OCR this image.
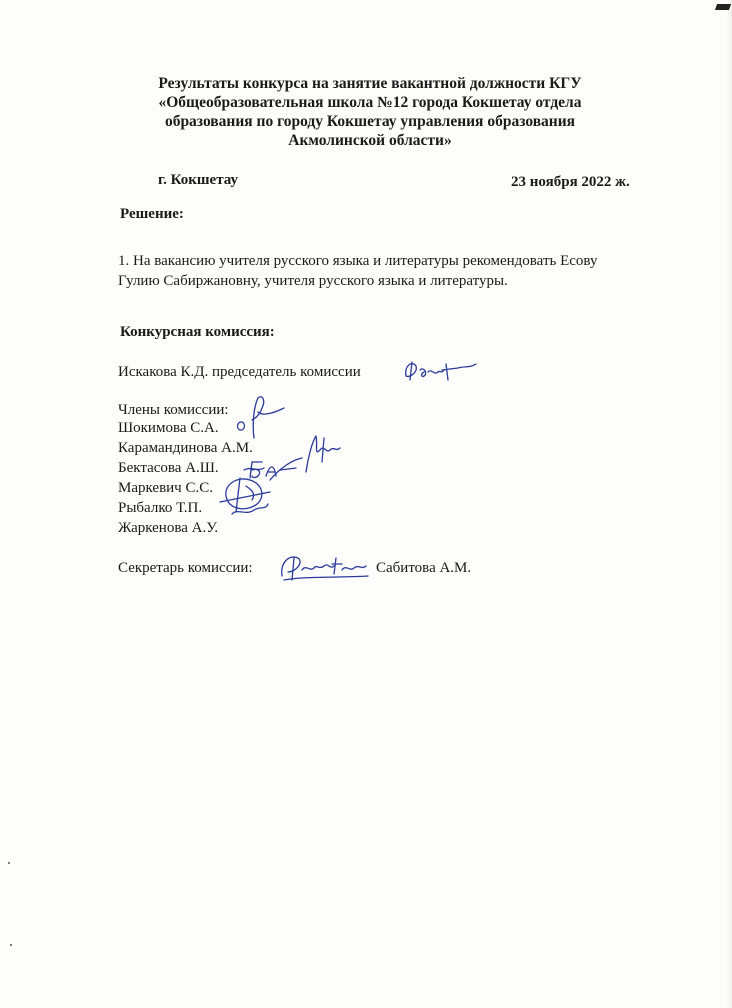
Результаты конкурса на занятие вакантной должности КГУ
«Общеобразовательная школа №12 города Кокшетау отдела
образования по городу Кокшетау управления образования
Акмолинской области»
г. Кокшетау	23 ноября 2022 ж.
Решение:
1. На вакансию учителя русского языка и литературы рекомендовать Есову
Гулию Сабиржановну, учителя русского языка и литературы.
Конкурсная комиссия:
Искакова К.Д. председатель комиссии
Члены комиссии:
Шокимова С.А.
Карамандинова А.М.
Бектасова А.Ш.
Маркевич С.С.
Рыбалко Т.П.
Жаркенова А.У.
Секретарь комиссии:	Сабитова А.М.
